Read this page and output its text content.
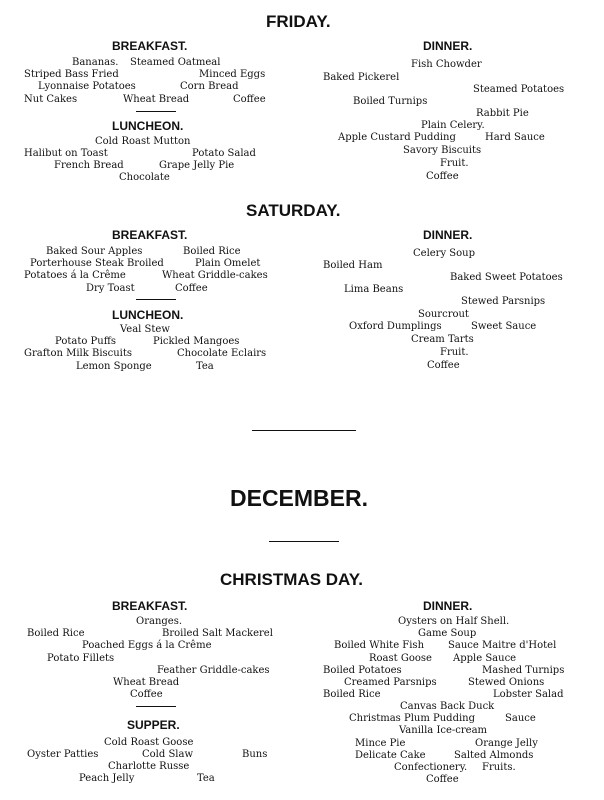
FRIDAY.
BREAKFAST.
Bananas. Steamed Oatmeal
Striped Bass Fried	Minced Eggs
Lyonnaise Potatoes	Corn Bread
Nut Cakes	Wheat Bread	Coffee
LUNCHEON.
Cold Roast Mutton
Halibut on Toast	Potato Salad
French Bread	Grape Jelly Pie
Chocolate
DINNER.
Fish Chowder
Baked Pickerel
Steamed Potatoes
Boiled Turnips
Rabbit Pie
Plain Celery.
Apple Custard Pudding	Hard Sauce
Savory Biscuits
Fruit.
Coffee
SATURDAY.
BREAKFAST.
Baked Sour Apples	Boiled Rice
Porterhouse Steak Broiled	Plain Omelet
Potatoes á la Crême	Wheat Griddle-cakes
Dry Toast	Coffee
LUNCHEON.
Veal Stew
Potato Puffs	Pickled Mangoes
Grafton Milk Biscuits	Chocolate Eclairs
Lemon Sponge	Tea
DINNER.
Celery Soup
Boiled Ham
Baked Sweet Potatoes
Lima Beans
Stewed Parsnips
Sourcrout
Oxford Dumplings	Sweet Sauce
Cream Tarts
Fruit.
Coffee
DECEMBER.
CHRISTMAS DAY.
BREAKFAST.
Oranges.
Boiled Rice	Broiled Salt Mackerel
Poached Eggs á la Crême
Potato Fillets
Feather Griddle-cakes
Wheat Bread
Coffee
SUPPER.
Cold Roast Goose
Oyster Patties	Cold Slaw	Buns
Charlotte Russe
Peach Jelly	Tea
DINNER.
Oysters on Half Shell.
Game Soup
Boiled White Fish Sauce Maitre d'Hotel
Roast Goose Apple Sauce
Boiled Potatoes	Mashed Turnips
Creamed Parsnips	Stewed Onions
Boiled Rice	Lobster Salad
Canvas Back Duck
Christmas Plum Pudding	Sauce
Vanilla Ice-cream
Mince Pie	Orange Jelly
Delicate Cake	Salted Almonds
Confectionery. Fruits.
Coffee
